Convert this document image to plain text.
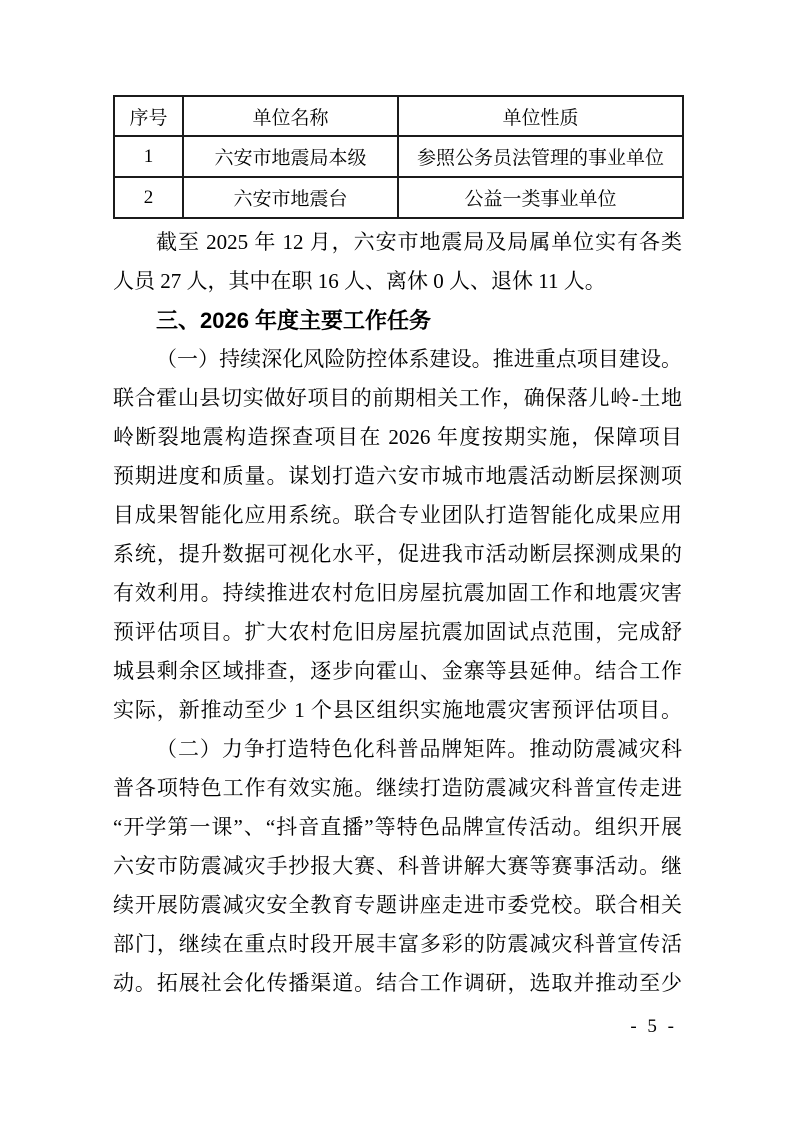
序号	单位名称	单位性质
1	六安市地震局本级	参照公务员法管理的事业单位
2	六安市地震台	公益一类事业单位
截至 2025 年 12 月，六安市地震局及局属单位实有各类
人员 27 人，其中在职 16 人、离休 0 人、退休 11 人。
三、2026 年度主要工作任务
（一）持续深化风险防控体系建设。推进重点项目建设。
联合霍山县切实做好项目的前期相关工作，确保落儿岭-土地
岭断裂地震构造探查项目在 2026 年度按期实施，保障项目
预期进度和质量。谋划打造六安市城市地震活动断层探测项
目成果智能化应用系统。联合专业团队打造智能化成果应用
系统，提升数据可视化水平，促进我市活动断层探测成果的
有效利用。持续推进农村危旧房屋抗震加固工作和地震灾害
预评估项目。扩大农村危旧房屋抗震加固试点范围，完成舒
城县剩余区域排查，逐步向霍山、金寨等县延伸。结合工作
实际，新推动至少 1 个县区组织实施地震灾害预评估项目。
（二）力争打造特色化科普品牌矩阵。推动防震减灾科
普各项特色工作有效实施。继续打造防震减灾科普宣传走进
“开学第一课”、“抖音直播”等特色品牌宣传活动。组织开展
六安市防震减灾手抄报大赛、科普讲解大赛等赛事活动。继
续开展防震减灾安全教育专题讲座走进市委党校。联合相关
部门，继续在重点时段开展丰富多彩的防震减灾科普宣传活
动。拓展社会化传播渠道。结合工作调研，选取并推动至少
- 5 -
